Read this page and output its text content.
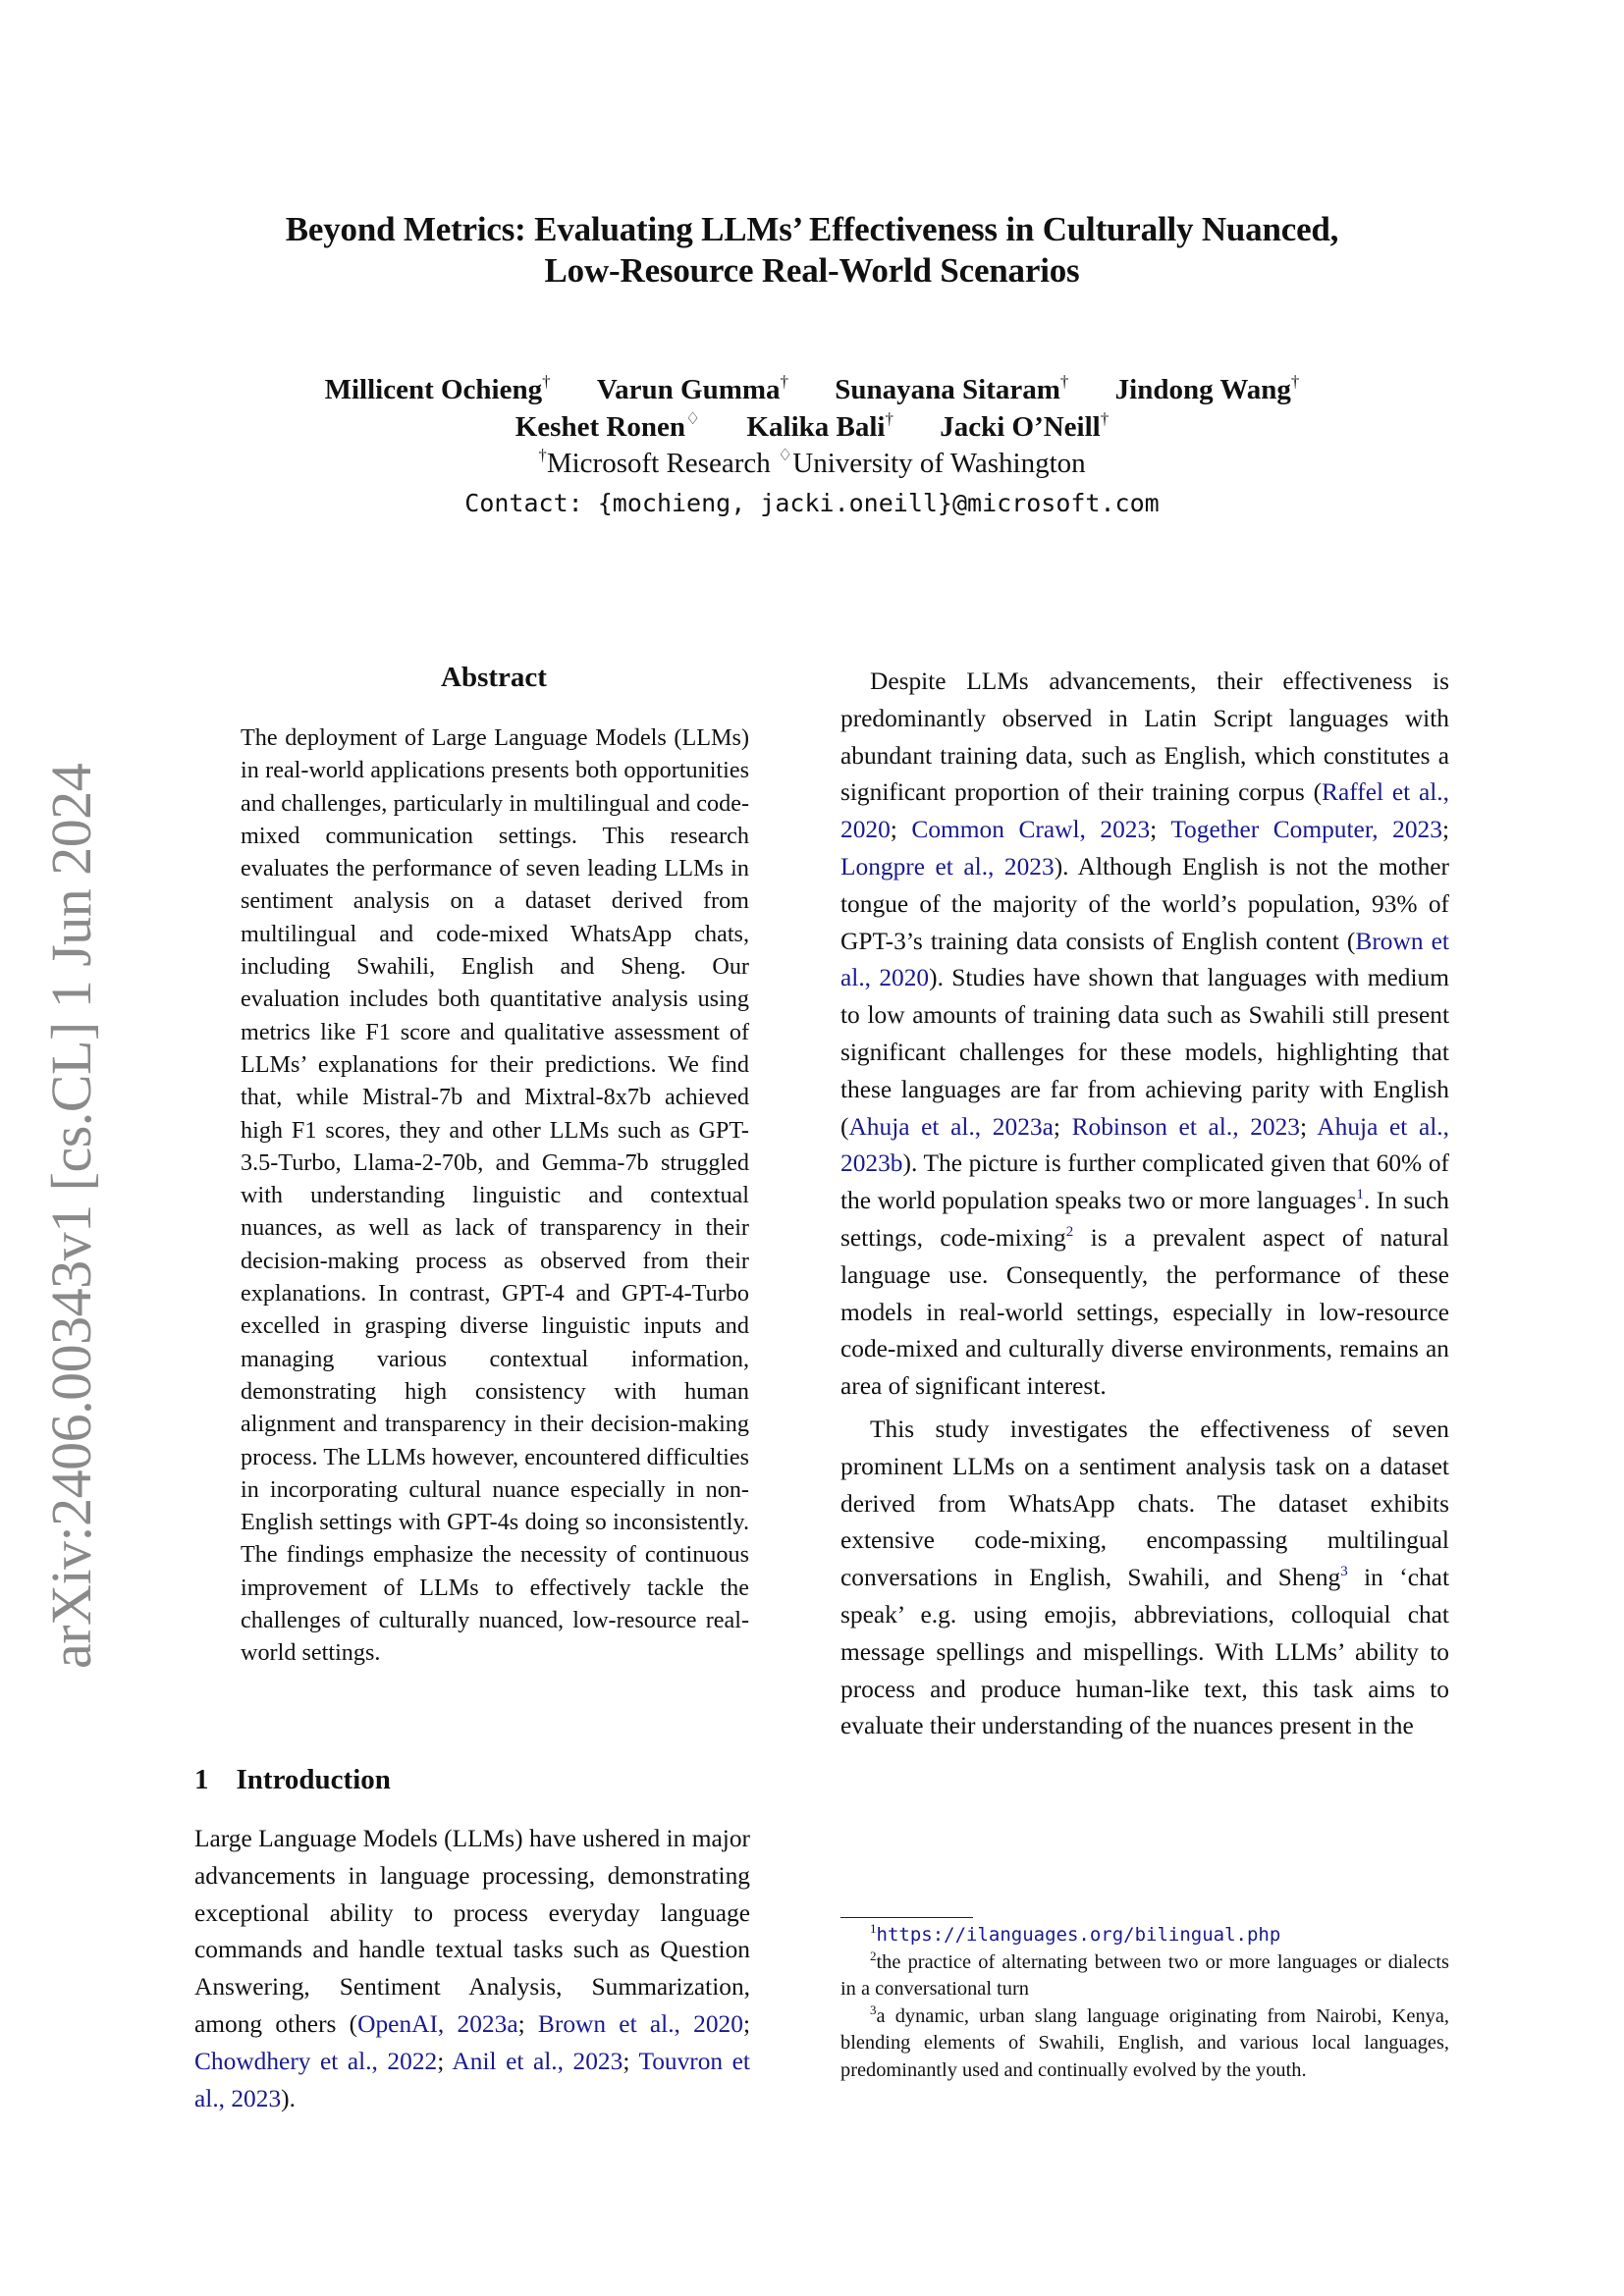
arXiv:2406.00343v1 [cs.CL] 1 Jun 2024
Beyond Metrics: Evaluating LLMs’ Effectiveness in Culturally Nuanced,
Low-Resource Real-World Scenarios
Millicent Ochieng† Varun Gumma† Sunayana Sitaram† Jindong Wang†
Keshet Ronen♢ Kalika Bali† Jacki O’Neill†
†Microsoft Research ♢University of Washington
Contact: {mochieng, jacki.oneill}@microsoft.com
Abstract
The deployment of Large Language Models (LLMs) in real-world applications presents both opportunities and challenges, particularly in multilingual and code-mixed communication settings. This research evaluates the performance of seven leading LLMs in sentiment analysis on a dataset derived from multilingual and code-mixed WhatsApp chats, including Swahili, English and Sheng. Our evaluation includes both quantitative analysis using metrics like F1 score and qualitative assessment of LLMs’ explanations for their predictions. We find that, while Mistral-7b and Mixtral-8x7b achieved high F1 scores, they and other LLMs such as GPT-3.5-Turbo, Llama-2-70b, and Gemma-7b struggled with understanding linguistic and contextual nuances, as well as lack of transparency in their decision-making process as observed from their explanations. In contrast, GPT-4 and GPT-4-Turbo excelled in grasping diverse linguistic inputs and managing various contextual information, demonstrating high consistency with human alignment and transparency in their decision-making process. The LLMs however, encountered difficulties in incorporating cultural nuance especially in non-English settings with GPT-4s doing so inconsistently. The findings emphasize the necessity of continuous improvement of LLMs to effectively tackle the challenges of culturally nuanced, low-resource real-world settings.
1 Introduction

Large Language Models (LLMs) have ushered in major advancements in language processing, demonstrating exceptional ability to process everyday language commands and handle textual tasks such as Question Answering, Sentiment Analysis, Summarization, among others (OpenAI, 2023a; Brown et al., 2020; Chowdhery et al., 2022; Anil et al., 2023; Touvron et al., 2023).

Despite LLMs advancements, their effectiveness is predominantly observed in Latin Script languages with abundant training data, such as English, which constitutes a significant proportion of their training corpus (Raffel et al., 2020; Common Crawl, 2023; Together Computer, 2023; Longpre et al., 2023). Although English is not the mother tongue of the majority of the world’s population, 93% of GPT-3’s training data consists of English content (Brown et al., 2020). Studies have shown that languages with medium to low amounts of training data such as Swahili still present significant challenges for these models, highlighting that these languages are far from achieving parity with English (Ahuja et al., 2023a; Robinson et al., 2023; Ahuja et al., 2023b). The picture is further complicated given that 60% of the world population speaks two or more languages$^1$. In such settings, code-mixing$^2$ is a prevalent aspect of natural language use. Consequently, the performance of these models in real-world settings, especially in low-resource code-mixed and culturally diverse environments, remains an area of significant interest.

This study investigates the effectiveness of seven prominent LLMs on a sentiment analysis task on a dataset derived from WhatsApp chats. The dataset exhibits extensive code-mixing, encompassing multilingual conversations in English, Swahili, and Sheng$^3$ in ‘chat speak’ e.g. using emojis, abbreviations, colloquial chat message spellings and mispellings. With LLMs’ ability to process and produce human-like text, this task aims to evaluate their understanding of the nuances present in the

$^1$https://ilanguages.org/bilingual.php

$^2$the practice of alternating between two or more languages or dialects in a conversational turn

$^3$a dynamic, urban slang language originating from Nairobi, Kenya, blending elements of Swahili, English, and various local languages, predominantly used and continually evolved by the youth.
